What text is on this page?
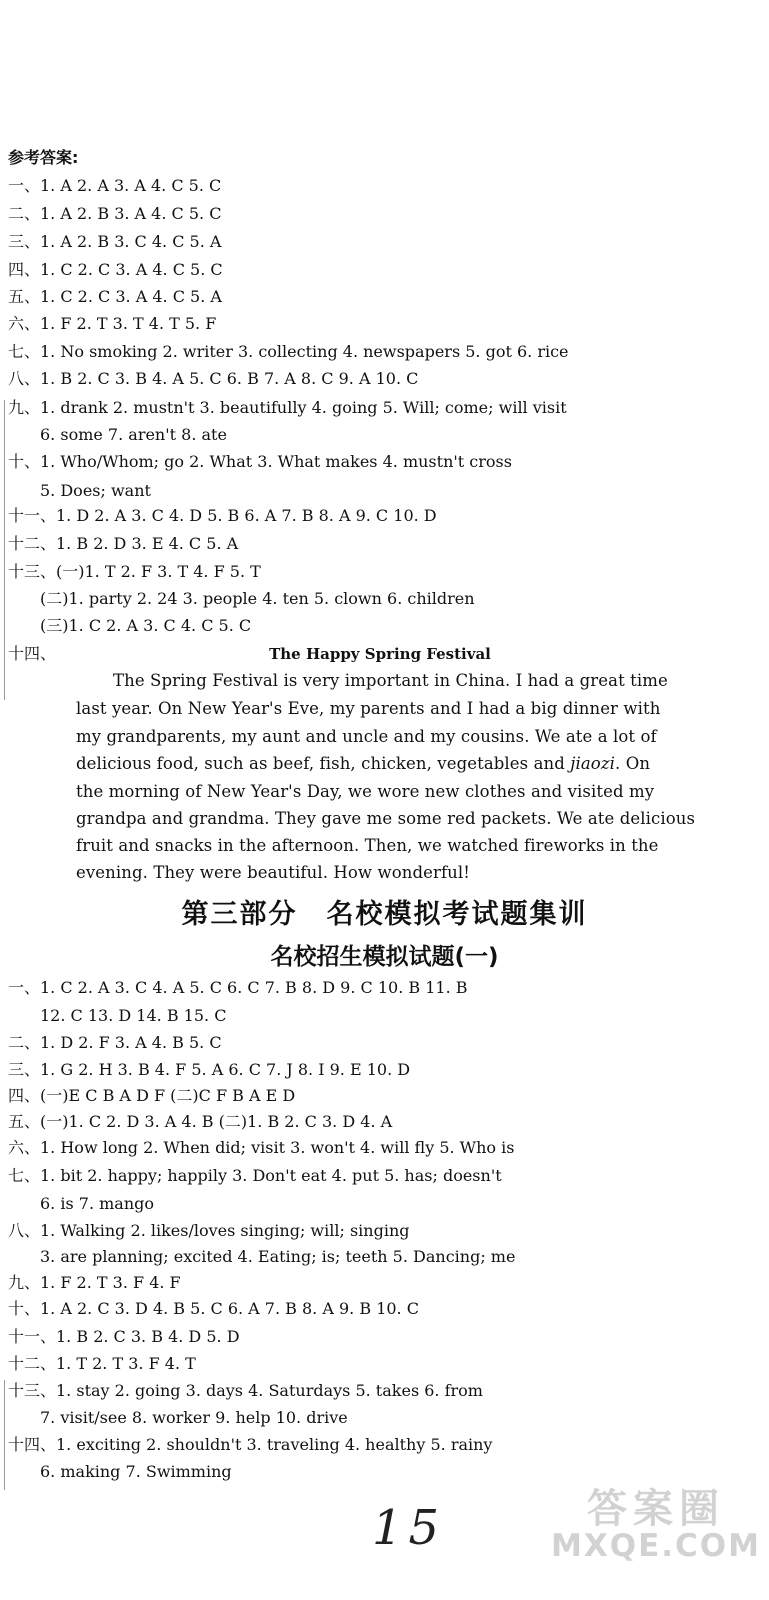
参考答案:
一、1. A 2. A 3. A 4. C 5. C
二、1. A 2. B 3. A 4. C 5. C
三、1. A 2. B 3. C 4. C 5. A
四、1. C 2. C 3. A 4. C 5. C
五、1. C 2. C 3. A 4. C 5. A
六、1. F 2. T 3. T 4. T 5. F
七、1. No smoking 2. writer 3. collecting 4. newspapers 5. got 6. rice
八、1. B 2. C 3. B 4. A 5. C 6. B 7. A 8. C 9. A 10. C
九、1. drank 2. mustn't 3. beautifully 4. going 5. Will; come; will visit
6. some 7. aren't 8. ate
十、1. Who/Whom; go 2. What 3. What makes 4. mustn't cross
5. Does; want
十一、1. D 2. A 3. C 4. D 5. B 6. A 7. B 8. A 9. C 10. D
十二、1. B 2. D 3. E 4. C 5. A
十三、(一)1. T 2. F 3. T 4. F 5. T
(二)1. party 2. 24 3. people 4. ten 5. clown 6. children
(三)1. C 2. A 3. C 4. C 5. C
十四、	The Happy Spring Festival
The Spring Festival is very important in China. I had a great time
last year. On New Year's Eve, my parents and I had a big dinner with
my grandparents, my aunt and uncle and my cousins. We ate a lot of
delicious food, such as beef, fish, chicken, vegetables and jiaozi. On
the morning of New Year's Day, we wore new clothes and visited my
grandpa and grandma. They gave me some red packets. We ate delicious
fruit and snacks in the afternoon. Then, we watched fireworks in the
evening. They were beautiful. How wonderful!
第三部分　名校模拟考试题集训
名校招生模拟试题(一)
一、1. C 2. A 3. C 4. A 5. C 6. C 7. B 8. D 9. C 10. B 11. B
12. C 13. D 14. B 15. C
二、1. D 2. F 3. A 4. B 5. C
三、1. G 2. H 3. B 4. F 5. A 6. C 7. J 8. I 9. E 10. D
四、(一)E C B A D F (二)C F B A E D
五、(一)1. C 2. D 3. A 4. B (二)1. B 2. C 3. D 4. A
六、1. How long 2. When did; visit 3. won't 4. will fly 5. Who is
七、1. bit 2. happy; happily 3. Don't eat 4. put 5. has; doesn't
6. is 7. mango
八、1. Walking 2. likes/loves singing; will; singing
3. are planning; excited 4. Eating; is; teeth 5. Dancing; me
九、1. F 2. T 3. F 4. F
十、1. A 2. C 3. D 4. B 5. C 6. A 7. B 8. A 9. B 10. C
十一、1. B 2. C 3. B 4. D 5. D
十二、1. T 2. T 3. F 4. T
十三、1. stay 2. going 3. days 4. Saturdays 5. takes 6. from
7. visit/see 8. worker 9. help 10. drive
十四、1. exciting 2. shouldn't 3. traveling 4. healthy 5. rainy
6. making 7. Swimming
15	答案圈
MXQE.COM
